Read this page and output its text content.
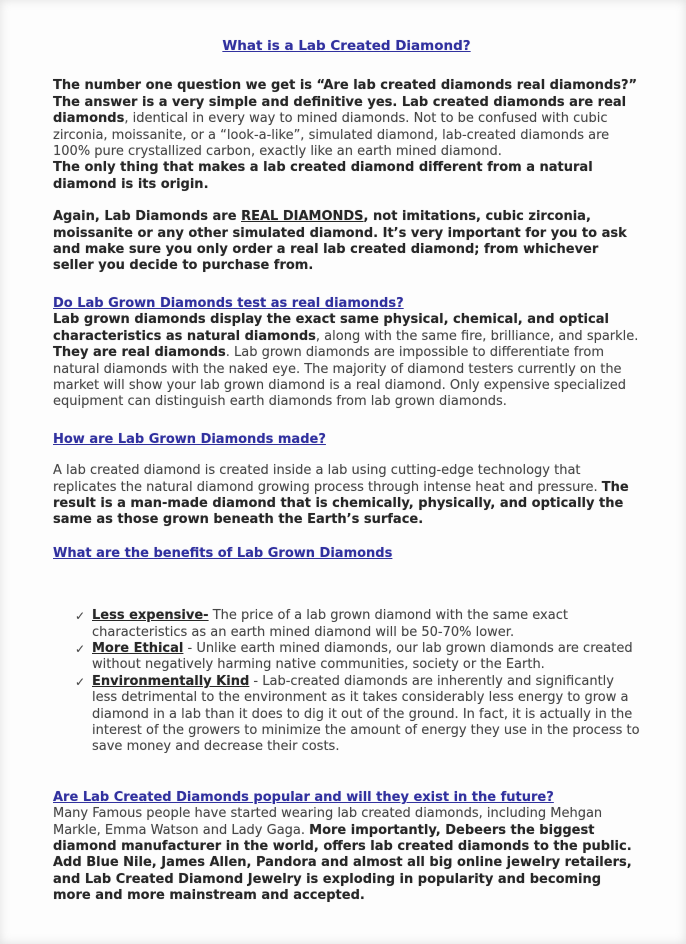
What is a Lab Created Diamond?

The number one question we get is “Are lab created diamonds real diamonds?” The answer is a very simple and definitive yes. Lab created diamonds are real diamonds, identical in every way to mined diamonds. Not to be confused with cubic zirconia, moissanite, or a “look-a-like”, simulated diamond, lab-created diamonds are 100% pure crystallized carbon, exactly like an earth mined diamond.
The only thing that makes a lab created diamond different from a natural diamond is its origin.

Again, Lab Diamonds are REAL DIAMONDS, not imitations, cubic zirconia, moissanite or any other simulated diamond. It’s very important for you to ask and make sure you only order a real lab created diamond; from whichever seller you decide to purchase from.

Do Lab Grown Diamonds test as real diamonds?

Lab grown diamonds display the exact same physical, chemical, and optical characteristics as natural diamonds, along with the same fire, brilliance, and sparkle. They are real diamonds. Lab grown diamonds are impossible to differentiate from natural diamonds with the naked eye. The majority of diamond testers currently on the market will show your lab grown diamond is a real diamond. Only expensive specialized equipment can distinguish earth diamonds from lab grown diamonds.

How are Lab Grown Diamonds made?

A lab created diamond is created inside a lab using cutting-edge technology that replicates the natural diamond growing process through intense heat and pressure. The result is a man-made diamond that is chemically, physically, and optically the same as those grown beneath the Earth’s surface.

What are the benefits of Lab Grown Diamonds
✓ Less expensive- The price of a lab grown diamond with the same exact characteristics as an earth mined diamond will be 50-70% lower.
✓ More Ethical - Unlike earth mined diamonds, our lab grown diamonds are created without negatively harming native communities, society or the Earth.
✓ Environmentally Kind - Lab-created diamonds are inherently and significantly less detrimental to the environment as it takes considerably less energy to grow a diamond in a lab than it does to dig it out of the ground. In fact, it is actually in the interest of the growers to minimize the amount of energy they use in the process to save money and decrease their costs.
Are Lab Created Diamonds popular and will they exist in the future?

Many Famous people have started wearing lab created diamonds, including Mehgan Markle, Emma Watson and Lady Gaga. More importantly, Debeers the biggest diamond manufacturer in the world, offers lab created diamonds to the public. Add Blue Nile, James Allen, Pandora and almost all big online jewelry retailers, and Lab Created Diamond Jewelry is exploding in popularity and becoming more and more mainstream and accepted.
